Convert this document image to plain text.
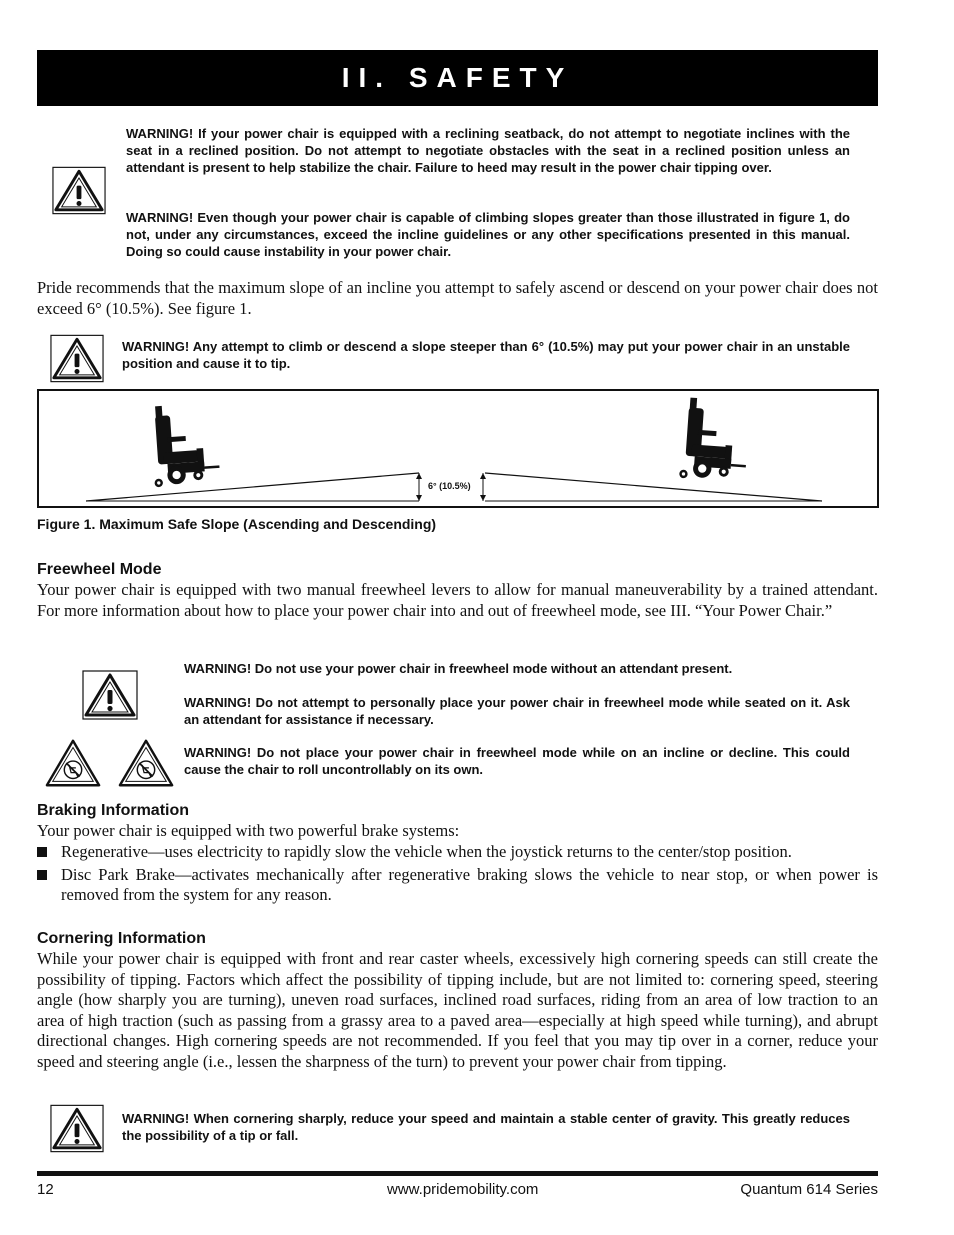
II. SAFETY

WARNING! If your power chair is equipped with a reclining seatback, do not attempt to negotiate inclines with the seat in a reclined position. Do not attempt to negotiate obstacles with the seat in a reclined position unless an attendant is present to help stabilize the chair. Failure to heed may result in the power chair tipping over.

WARNING! Even though your power chair is capable of climbing slopes greater than those illustrated in figure 1, do not, under any circumstances, exceed the incline guidelines or any other specifications presented in this manual. Doing so could cause instability in your power chair.

Pride recommends that the maximum slope of an incline you attempt to safely ascend or descend on your power chair does not exceed 6° (10.5%). See figure 1.

WARNING! Any attempt to climb or descend a slope steeper than 6° (10.5%) may put your power chair in an unstable position and cause it to tip.

6° (10.5%)
Figure 1. Maximum Safe Slope (Ascending and Descending)
Freewheel Mode

Your power chair is equipped with two manual freewheel levers to allow for manual maneuverability by a trained attendant. For more information about how to place your power chair into and out of freewheel mode, see III. “Your Power Chair.”

WARNING! Do not use your power chair in freewheel mode without an attendant present.

WARNING! Do not attempt to personally place your power chair in freewheel mode while seated on it. Ask an attendant for assistance if necessary.

WARNING! Do not place your power chair in freewheel mode while on an incline or decline. This could cause the chair to roll uncontrollably on its own.

Braking Information

Your power chair is equipped with two powerful brake systems:

Regenerative—uses electricity to rapidly slow the vehicle when the joystick returns to the center/stop position.

Disc Park Brake—activates mechanically after regenerative braking slows the vehicle to near stop, or when power is removed from the system for any reason.

Cornering Information

While your power chair is equipped with front and rear caster wheels, excessively high cornering speeds can still create the possibility of tipping. Factors which affect the possibility of tipping include, but are not limited to: cornering speed, steering angle (how sharply you are turning), uneven road surfaces, inclined road surfaces, riding from an area of low traction to an area of high traction (such as passing from a grassy area to a paved area—especially at high speed while turning), and abrupt directional changes. High cornering speeds are not recommended. If you feel that you may tip over in a corner, reduce your speed and steering angle (i.e., lessen the sharpness of the turn) to prevent your power chair from tipping.

WARNING! When cornering sharply, reduce your speed and maintain a stable center of gravity. This greatly reduces the possibility of a tip or fall.

12	www.pridemobility.com	Quantum 614 Series
